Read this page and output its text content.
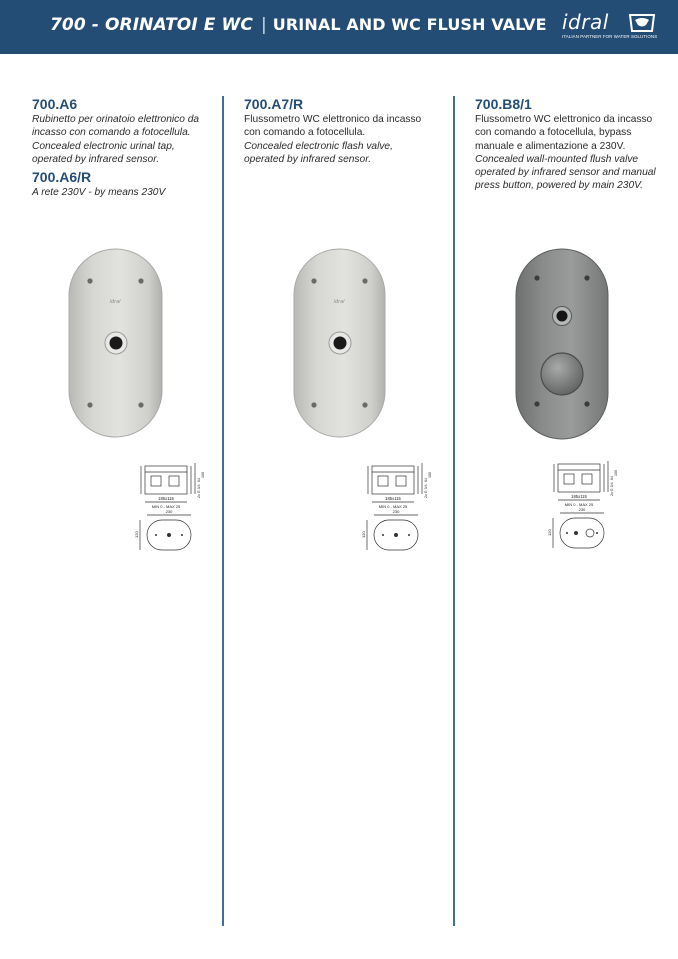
700 - ORINATOI E WC | URINAL AND WC FLUSH VALVE idral
ITALIAN PARTNER FOR WATER SOLUTIONS
700.A6
Rubinetto per orinatoio elettronico da incasso con comando a fotocellula.
Concealed electronic urinal tap, operated by infrared sensor.
700.A6/R
A rete 230V - by means 230V
700.A7/R
Flussometro WC elettronico da incasso con comando a fotocellula.
Concealed electronic flash valve, operated by infrared sensor.
700.B8/1
Flussometro WC elettronico da incasso con comando a fotocellula, bypass manuale e alimentazione a 230V.
Concealed wall-mounted flush valve operated by infrared sensor and manual press button, powered by main 230V.
idral	idral
185x115
MIN 0 - MAX 25
230
120
2x G 3/4
64
100
185x115
MIN 0 - MAX 25
230
120
2x G 3/4
64
100
185x115
MIN 0 - MAX 25
230
120
2x G 3/4
64
100
